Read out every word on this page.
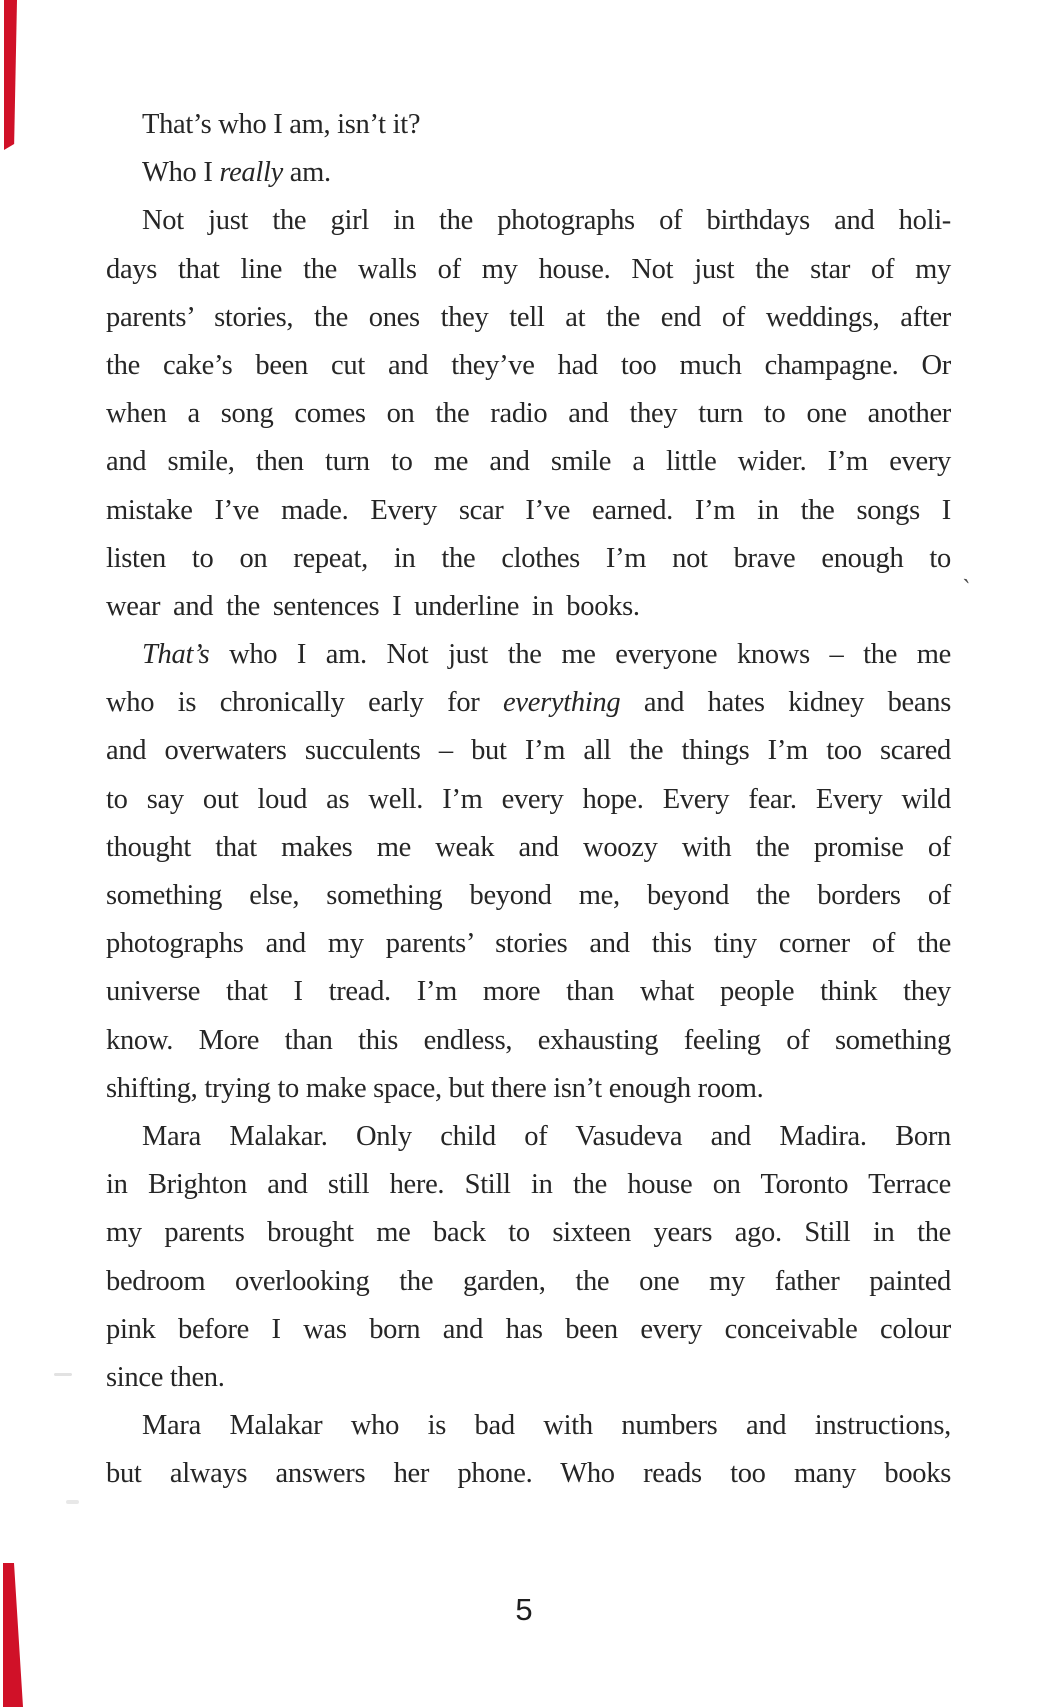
That’s who I am, isn’t it?
Who I really am.
Not just the girl in the photographs of birthdays and holi-
days that line the walls of my house. Not just the star of my
parents’ stories, the ones they tell at the end of weddings, after
the cake’s been cut and they’ve had too much champagne. Or
when a song comes on the radio and they turn to one another
and smile, then turn to me and smile a little wider. I’m every
mistake I’ve made. Every scar I’ve earned. I’m in the songs I
listen to on repeat, in the clothes I’m not brave enough to
wear and the sentences I underline in books.
That’s who I am. Not just the me everyone knows – the me
who is chronically early for everything and hates kidney beans
and overwaters succulents – but I’m all the things I’m too scared
to say out loud as well. I’m every hope. Every fear. Every wild
thought that makes me weak and woozy with the promise of
something else, something beyond me, beyond the borders of
photographs and my parents’ stories and this tiny corner of the
universe that I tread. I’m more than what people think they
know. More than this endless, exhausting feeling of something
shifting, trying to make space, but there isn’t enough room.
Mara Malakar. Only child of Vasudeva and Madira. Born
in Brighton and still here. Still in the house on Toronto Terrace
my parents brought me back to sixteen years ago. Still in the
bedroom overlooking the garden, the one my father painted
pink before I was born and has been every conceivable colour
since then.
Mara Malakar who is bad with numbers and instructions,
but always answers her phone. Who reads too many books
`
5
